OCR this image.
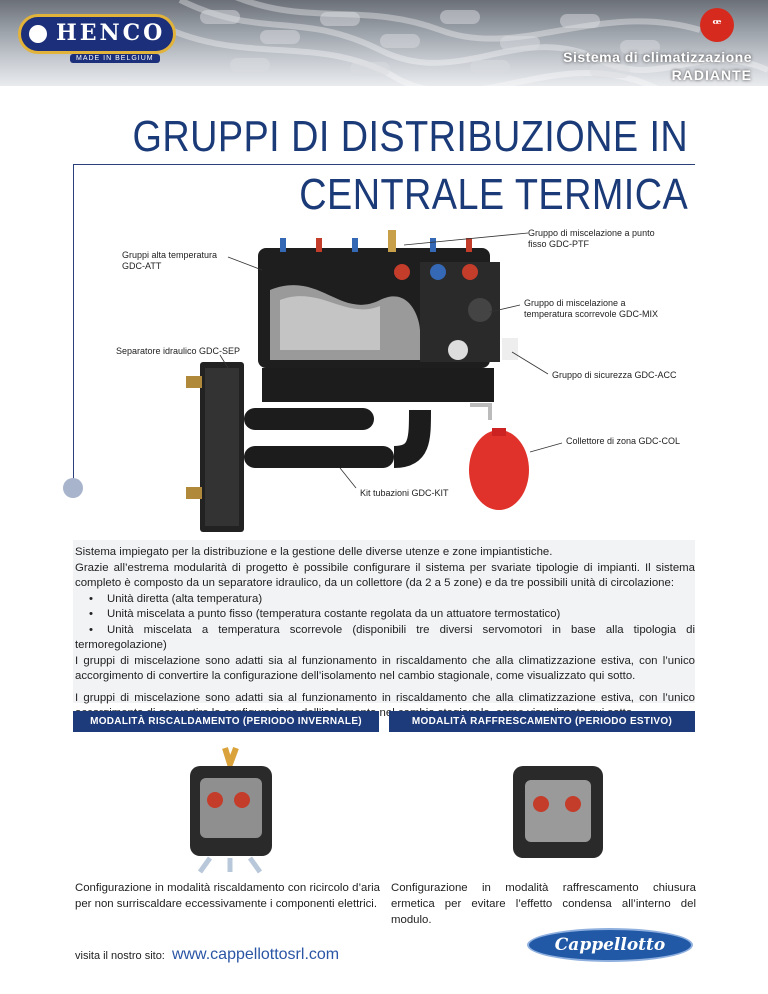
HENCO
MADE IN BELGIUM
ꟹ
Sistema di climatizzazione
RADIANTE
GRUPPI DI DISTRIBUZIONE IN
CENTRALE TERMICA
Gruppo di miscelazione a punto fisso GDC-PTF
Gruppi alta temperatura GDC-ATT
Gruppo di miscelazione a temperatura scorrevole GDC-MIX
Separatore idraulico GDC-SEP
Gruppo di sicurezza GDC-ACC
Collettore di zona GDC-COL
Kit tubazioni GDC-KIT

Sistema impiegato per la distribuzione e la gestione delle diverse utenze e zone impiantistiche.

Grazie all’estrema modularità di progetto è possibile configurare il sistema per svariate tipologie di impianti. Il sistema completo è composto da un separatore idraulico, da un collettore (da 2 a 5 zone) e da tre possibili unità di circolazione:

• Unità diretta (alta temperatura)
• Unità miscelata a punto fisso (temperatura costante regolata da un attuatore termostatico)
• Unità miscelata a temperatura scorrevole (disponibili tre diversi servomotori in base alla tipologia di termoregolazione)

I gruppi di miscelazione sono adatti sia al funzionamento in riscaldamento che alla climatizzazione estiva, con l’unico accorgimento di convertire la configurazione dell’isolamento nel cambio stagionale, come visualizzato qui sotto.

I gruppi di miscelazione sono adatti sia al funzionamento in riscaldamento che alla climatizzazione estiva, con l’unico nel

MODALITÀ RISCALDAMENTO (PERIODO INVERNALE)	MODALITÀ RAFFRESCAMENTO (PERIODO ESTIVO)
Configurazione in modalità riscaldamento con ricircolo d’aria per non surriscaldare eccessivamente i componenti elettrici.
Configurazione in modalità raffrescamento chiusura ermetica per evitare l’effetto condensa all’interno del modulo.
visita il nostro sito: www.cappellottosrl.com	Cappellotto
